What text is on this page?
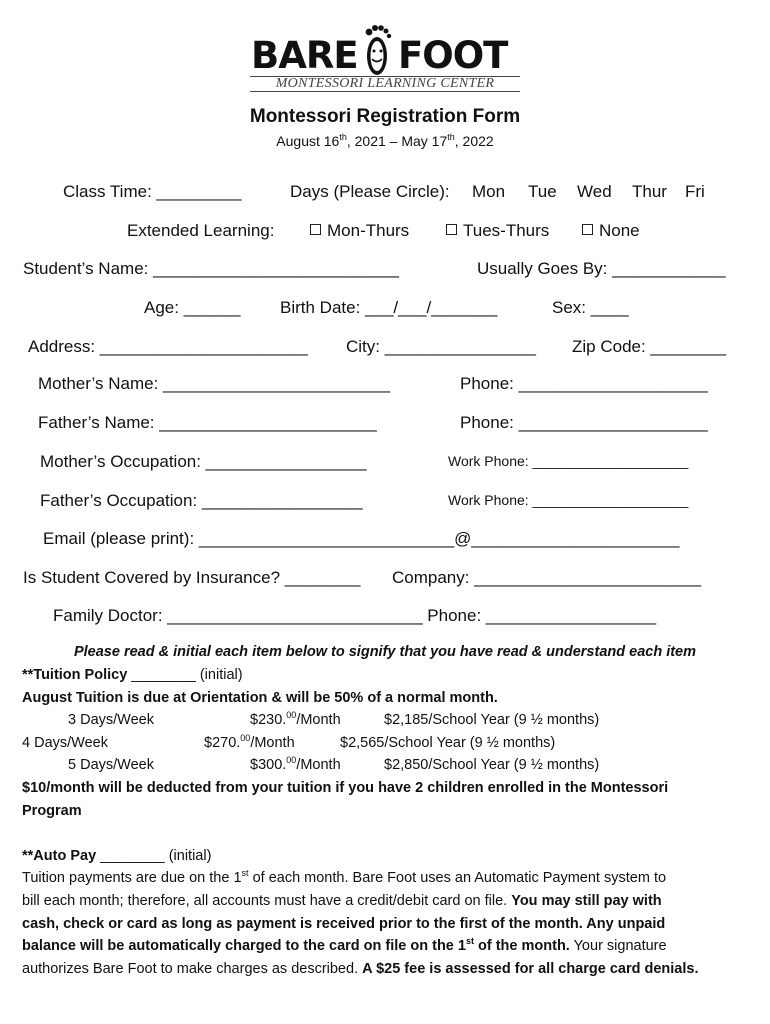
BARE FOOT
MONTESSORI LEARNING CENTER
Montessori Registration Form
August 16th, 2021 – May 17th, 2022
Class Time: _________	Days (Please Circle): Mon Tue Wed Thur Fri
Extended Learning:	Mon-Thurs	Tues-Thurs	None
Student’s Name: __________________________	Usually Goes By: ____________
Age: ______ Birth Date: ___/___/_______	Sex: ____
Address: ______________________ City: ________________ Zip Code: ________
Mother’s Name: ________________________	Phone: ____________________
Father’s Name: _______________________	Phone: ____________________
Mother’s Occupation: _________________	Work Phone: ____________________
Father’s Occupation: _________________	Work Phone: ____________________
Email (please print): ___________________________@______________________
Is Student Covered by Insurance? ________ Company: ________________________
Family Doctor: ___________________________ Phone: __________________
Please read & initial each item below to signify that you have read & understand each item
**Tuition Policy ________ (initial)
August Tuition is due at Orientation & will be 50% of a normal month.
3 Days/Week	$230.00/Month	$2,185/School Year (9 ½ months)
4 Days/Week	$270.00/Month	$2,565/School Year (9 ½ months)
5 Days/Week	$300.00/Month	$2,850/School Year (9 ½ months)
$10/month will be deducted from your tuition if you have 2 children enrolled in the Montessori
Program
**Auto Pay ________ (initial)
Tuition payments are due on the 1st of each month. Bare Foot uses an Automatic Payment system to
bill each month; therefore, all accounts must have a credit/debit card on file. You may still pay with
cash, check or card as long as payment is received prior to the first of the month. Any unpaid
balance will be automatically charged to the card on file on the 1st of the month. Your signature
authorizes Bare Foot to make charges as described. A $25 fee is assessed for all charge card denials.
